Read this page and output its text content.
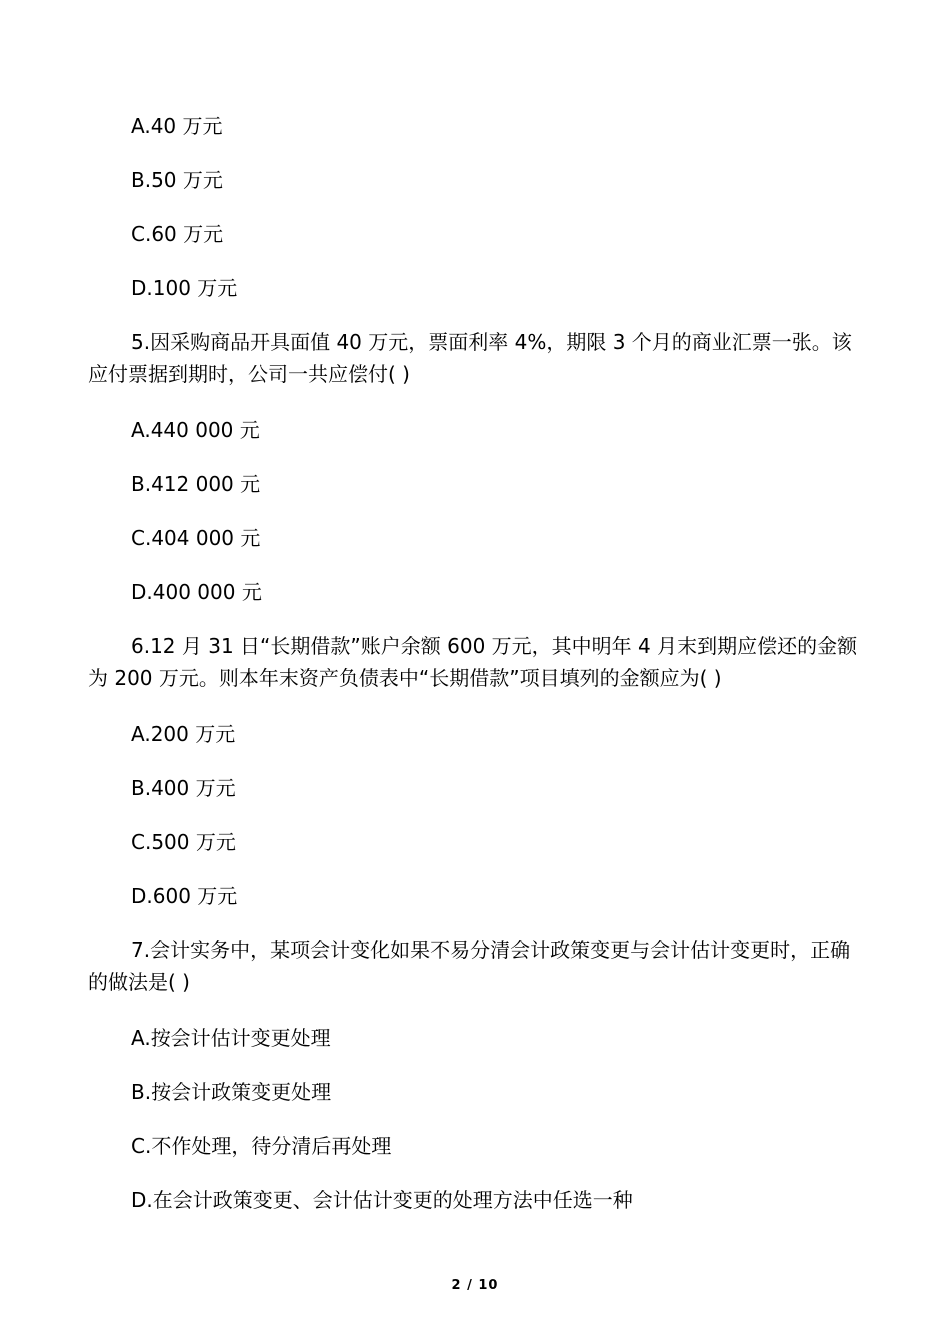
A.40 万元
B.50 万元
C.60 万元
D.100 万元
5.因采购商品开具面值 40 万元，票面利率 4%，期限 3 个月的商业汇票一张。该应付票据到期时，公司一共应偿付( )
A.440 000 元
B.412 000 元
C.404 000 元
D.400 000 元
6.12 月 31 日“长期借款”账户余额 600 万元，其中明年 4 月末到期应偿还的金额为 200 万元。则本年末资产负债表中“长期借款”项目填列的金额应为( )
A.200 万元
B.400 万元
C.500 万元
D.600 万元
7.会计实务中，某项会计变化如果不易分清会计政策变更与会计估计变更时，正确的做法是( )
A.按会计估计变更处理
B.按会计政策变更处理
C.不作处理，待分清后再处理
D.在会计政策变更、会计估计变更的处理方法中任选一种
2 / 10
